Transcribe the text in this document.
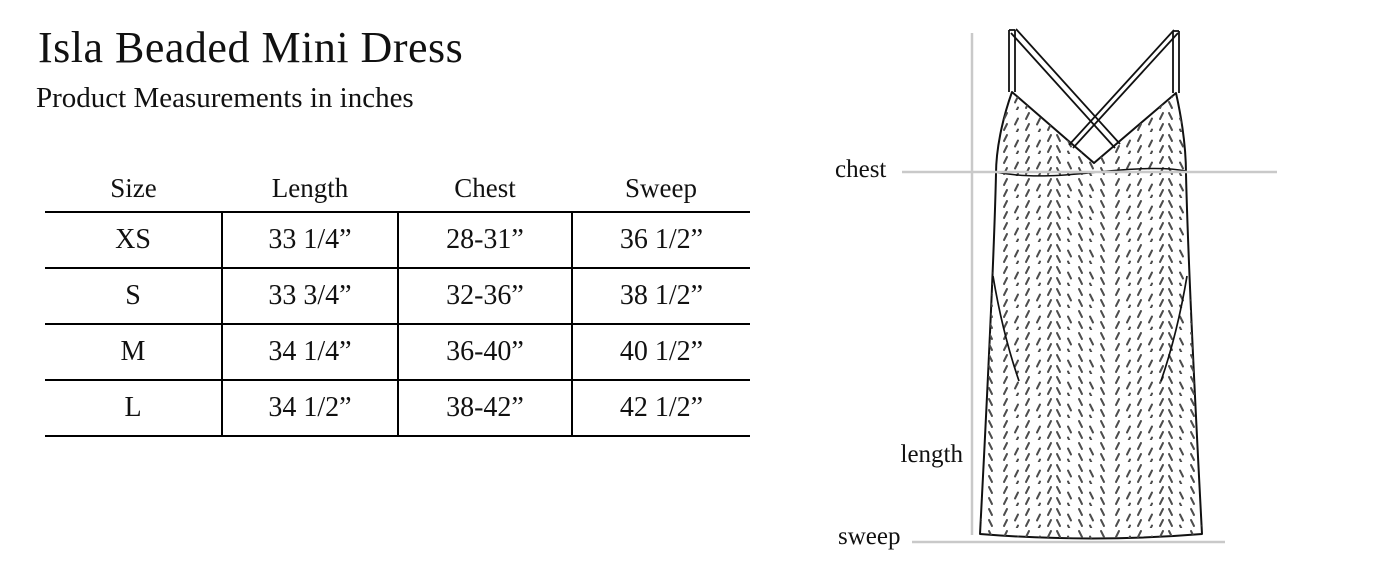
Isla Beaded Mini Dress
Product Measurements in inches
Size	Length	Chest	Sweep
XS	33 1/4”	28-31”	36 1/2”
S	33 3/4”	32-36”	38 1/2”
M	34 1/4”	36-40”	40 1/2”
L	34 1/2”	38-42”	42 1/2”
chest
length
sweep
